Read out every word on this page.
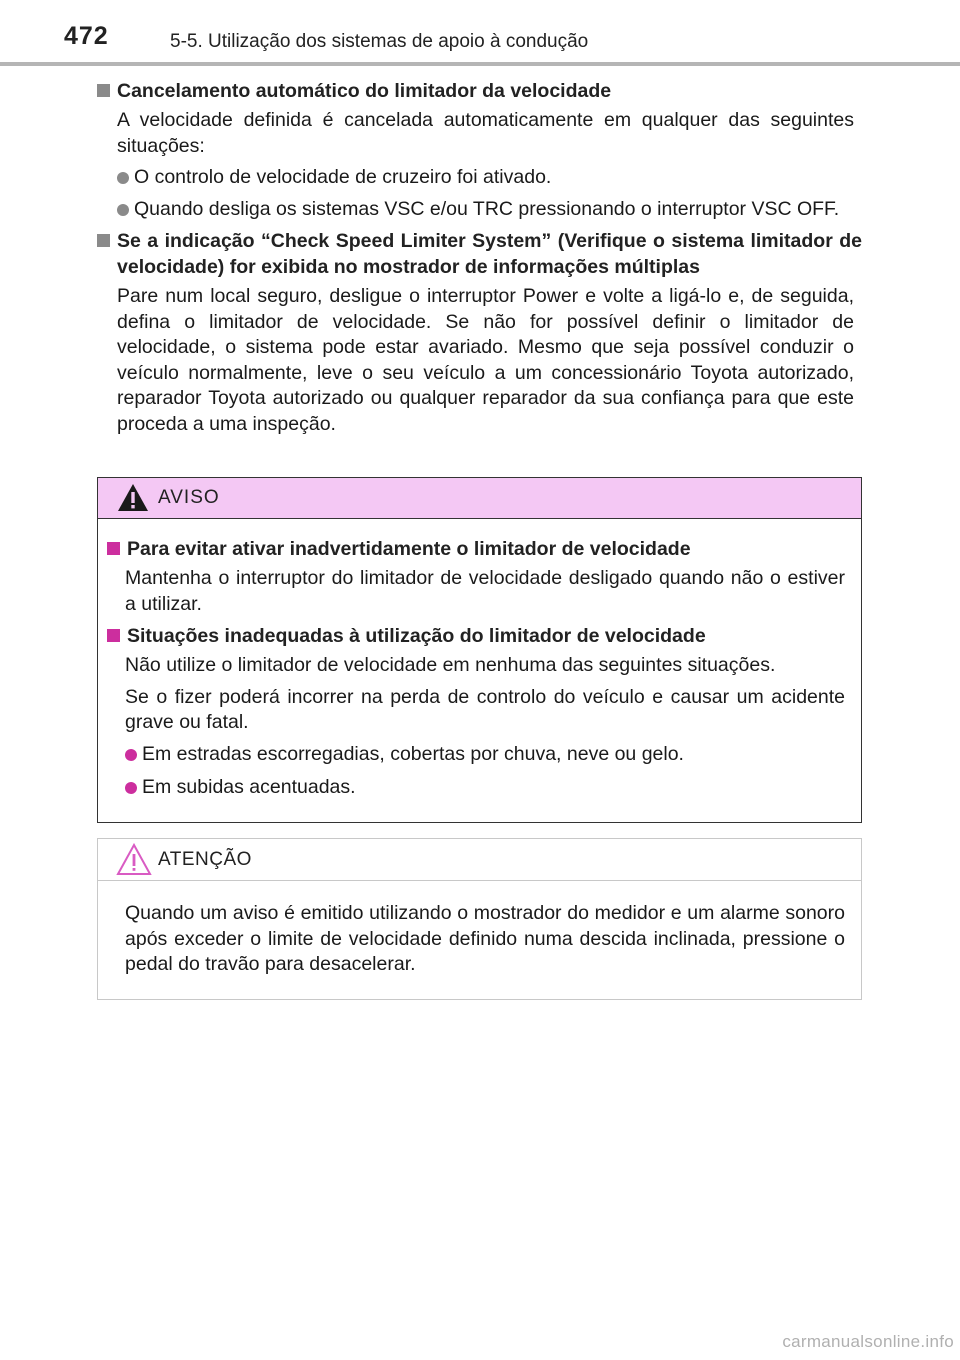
472	5-5. Utilização dos sistemas de apoio à condução
Cancelamento automático do limitador da velocidade
A velocidade definida é cancelada automaticamente em qualquer das seguintes situações:
O controlo de velocidade de cruzeiro foi ativado.
Quando desliga os sistemas VSC e/ou TRC pressionando o interruptor VSC OFF.
Se a indicação “Check Speed Limiter System” (Verifique o sistema limitador de velocidade) for exibida no mostrador de informações múltiplas
Pare num local seguro, desligue o interruptor Power e volte a ligá-lo e, de seguida, defina o limitador de velocidade. Se não for possível definir o limitador de velocidade, o sistema pode estar avariado. Mesmo que seja possível conduzir o veículo normalmente, leve o seu veículo a um concessionário Toyota autorizado, reparador Toyota autorizado ou qualquer reparador da sua confiança para que este proceda a uma inspeção.
AVISO
Para evitar ativar inadvertidamente o limitador de velocidade
Mantenha o interruptor do limitador de velocidade desligado quando não o estiver a utilizar.
Situações inadequadas à utilização do limitador de velocidade
Não utilize o limitador de velocidade em nenhuma das seguintes situações.
Se o fizer poderá incorrer na perda de controlo do veículo e causar um acidente grave ou fatal.
Em estradas escorregadias, cobertas por chuva, neve ou gelo.
Em subidas acentuadas.
ATENÇÃO
Quando um aviso é emitido utilizando o mostrador do medidor e um alarme sonoro após exceder o limite de velocidade definido numa descida inclinada, pressione o pedal do travão para desacelerar.
carmanualsonline.info
